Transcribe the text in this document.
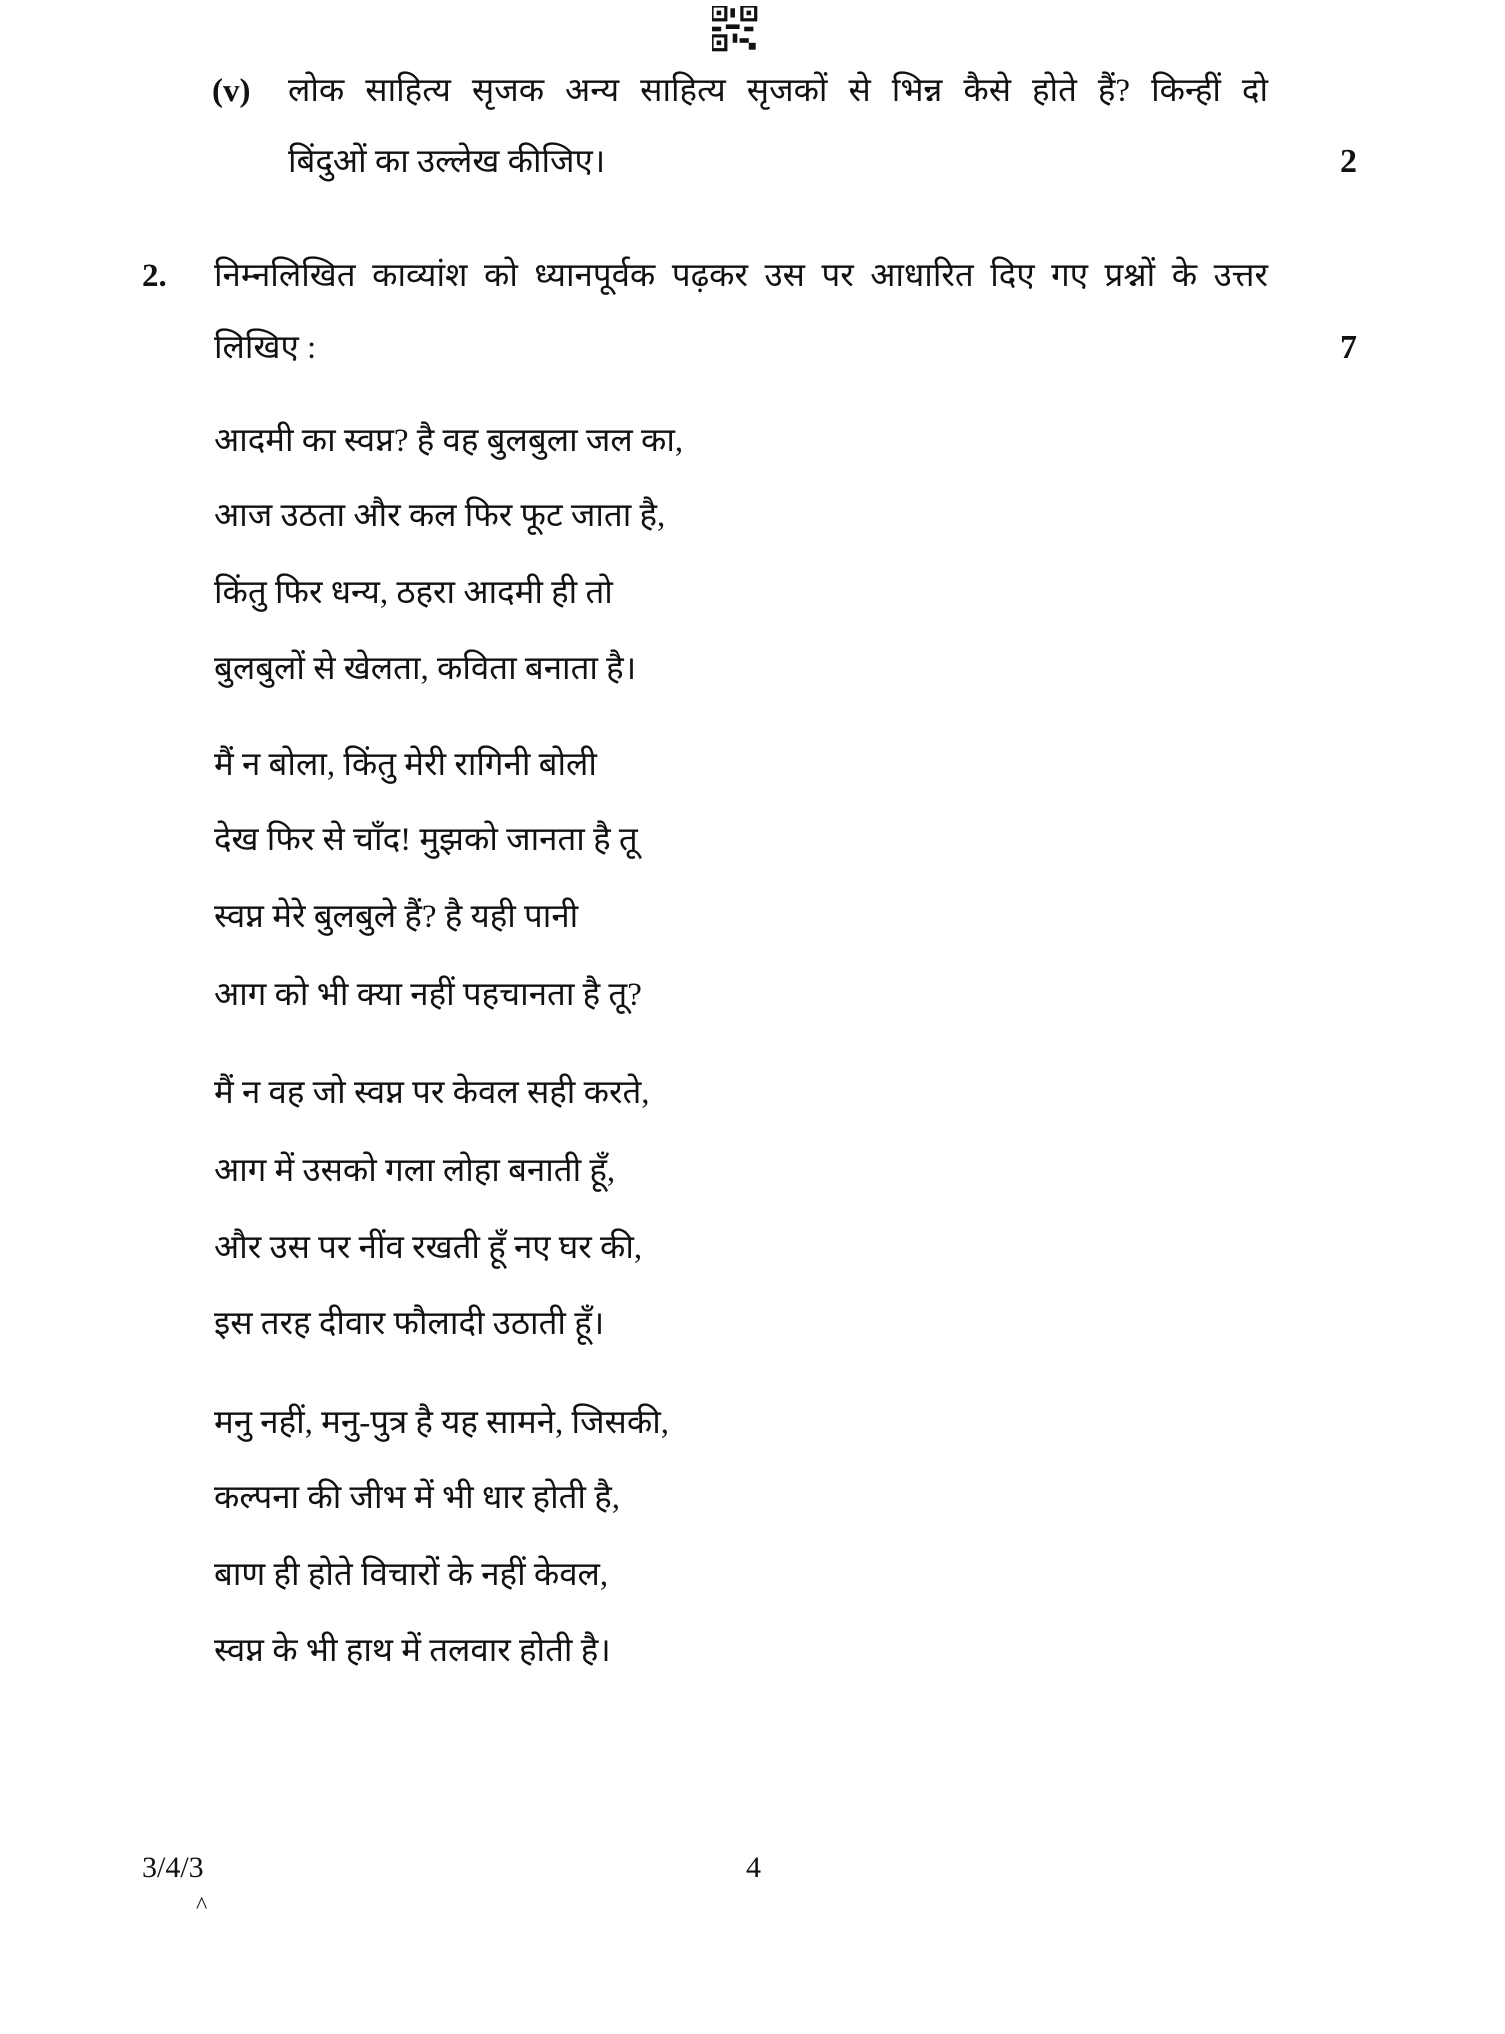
(v) लोक साहित्य सृजक अन्य साहित्य सृजकों से भिन्न कैसे होते हैं? किन्हीं दो
बिंदुओं का उल्लेख कीजिए।	2
2. निम्नलिखित काव्यांश को ध्यानपूर्वक पढ़कर उस पर आधारित दिए गए प्रश्नों के उत्तर
लिखिए :	7
आदमी का स्वप्न? है वह बुलबुला जल का,
आज उठता और कल फिर फूट जाता है,
किंतु फिर धन्य, ठहरा आदमी ही तो
बुलबुलों से खेलता, कविता बनाता है।
मैं न बोला, किंतु मेरी रागिनी बोली
देख फिर से चाँद! मुझको जानता है तू
स्वप्न मेरे बुलबुले हैं? है यही पानी
आग को भी क्या नहीं पहचानता है तू?
मैं न वह जो स्वप्न पर केवल सही करते,
आग में उसको गला लोहा बनाती हूँ,
और उस पर नींव रखती हूँ नए घर की,
इस तरह दीवार फौलादी उठाती हूँ।
मनु नहीं, मनु-पुत्र है यह सामने, जिसकी,
कल्पना की जीभ में भी धार होती है,
बाण ही होते विचारों के नहीं केवल,
स्वप्न के भी हाथ में तलवार होती है।
3/4/3
^
4
